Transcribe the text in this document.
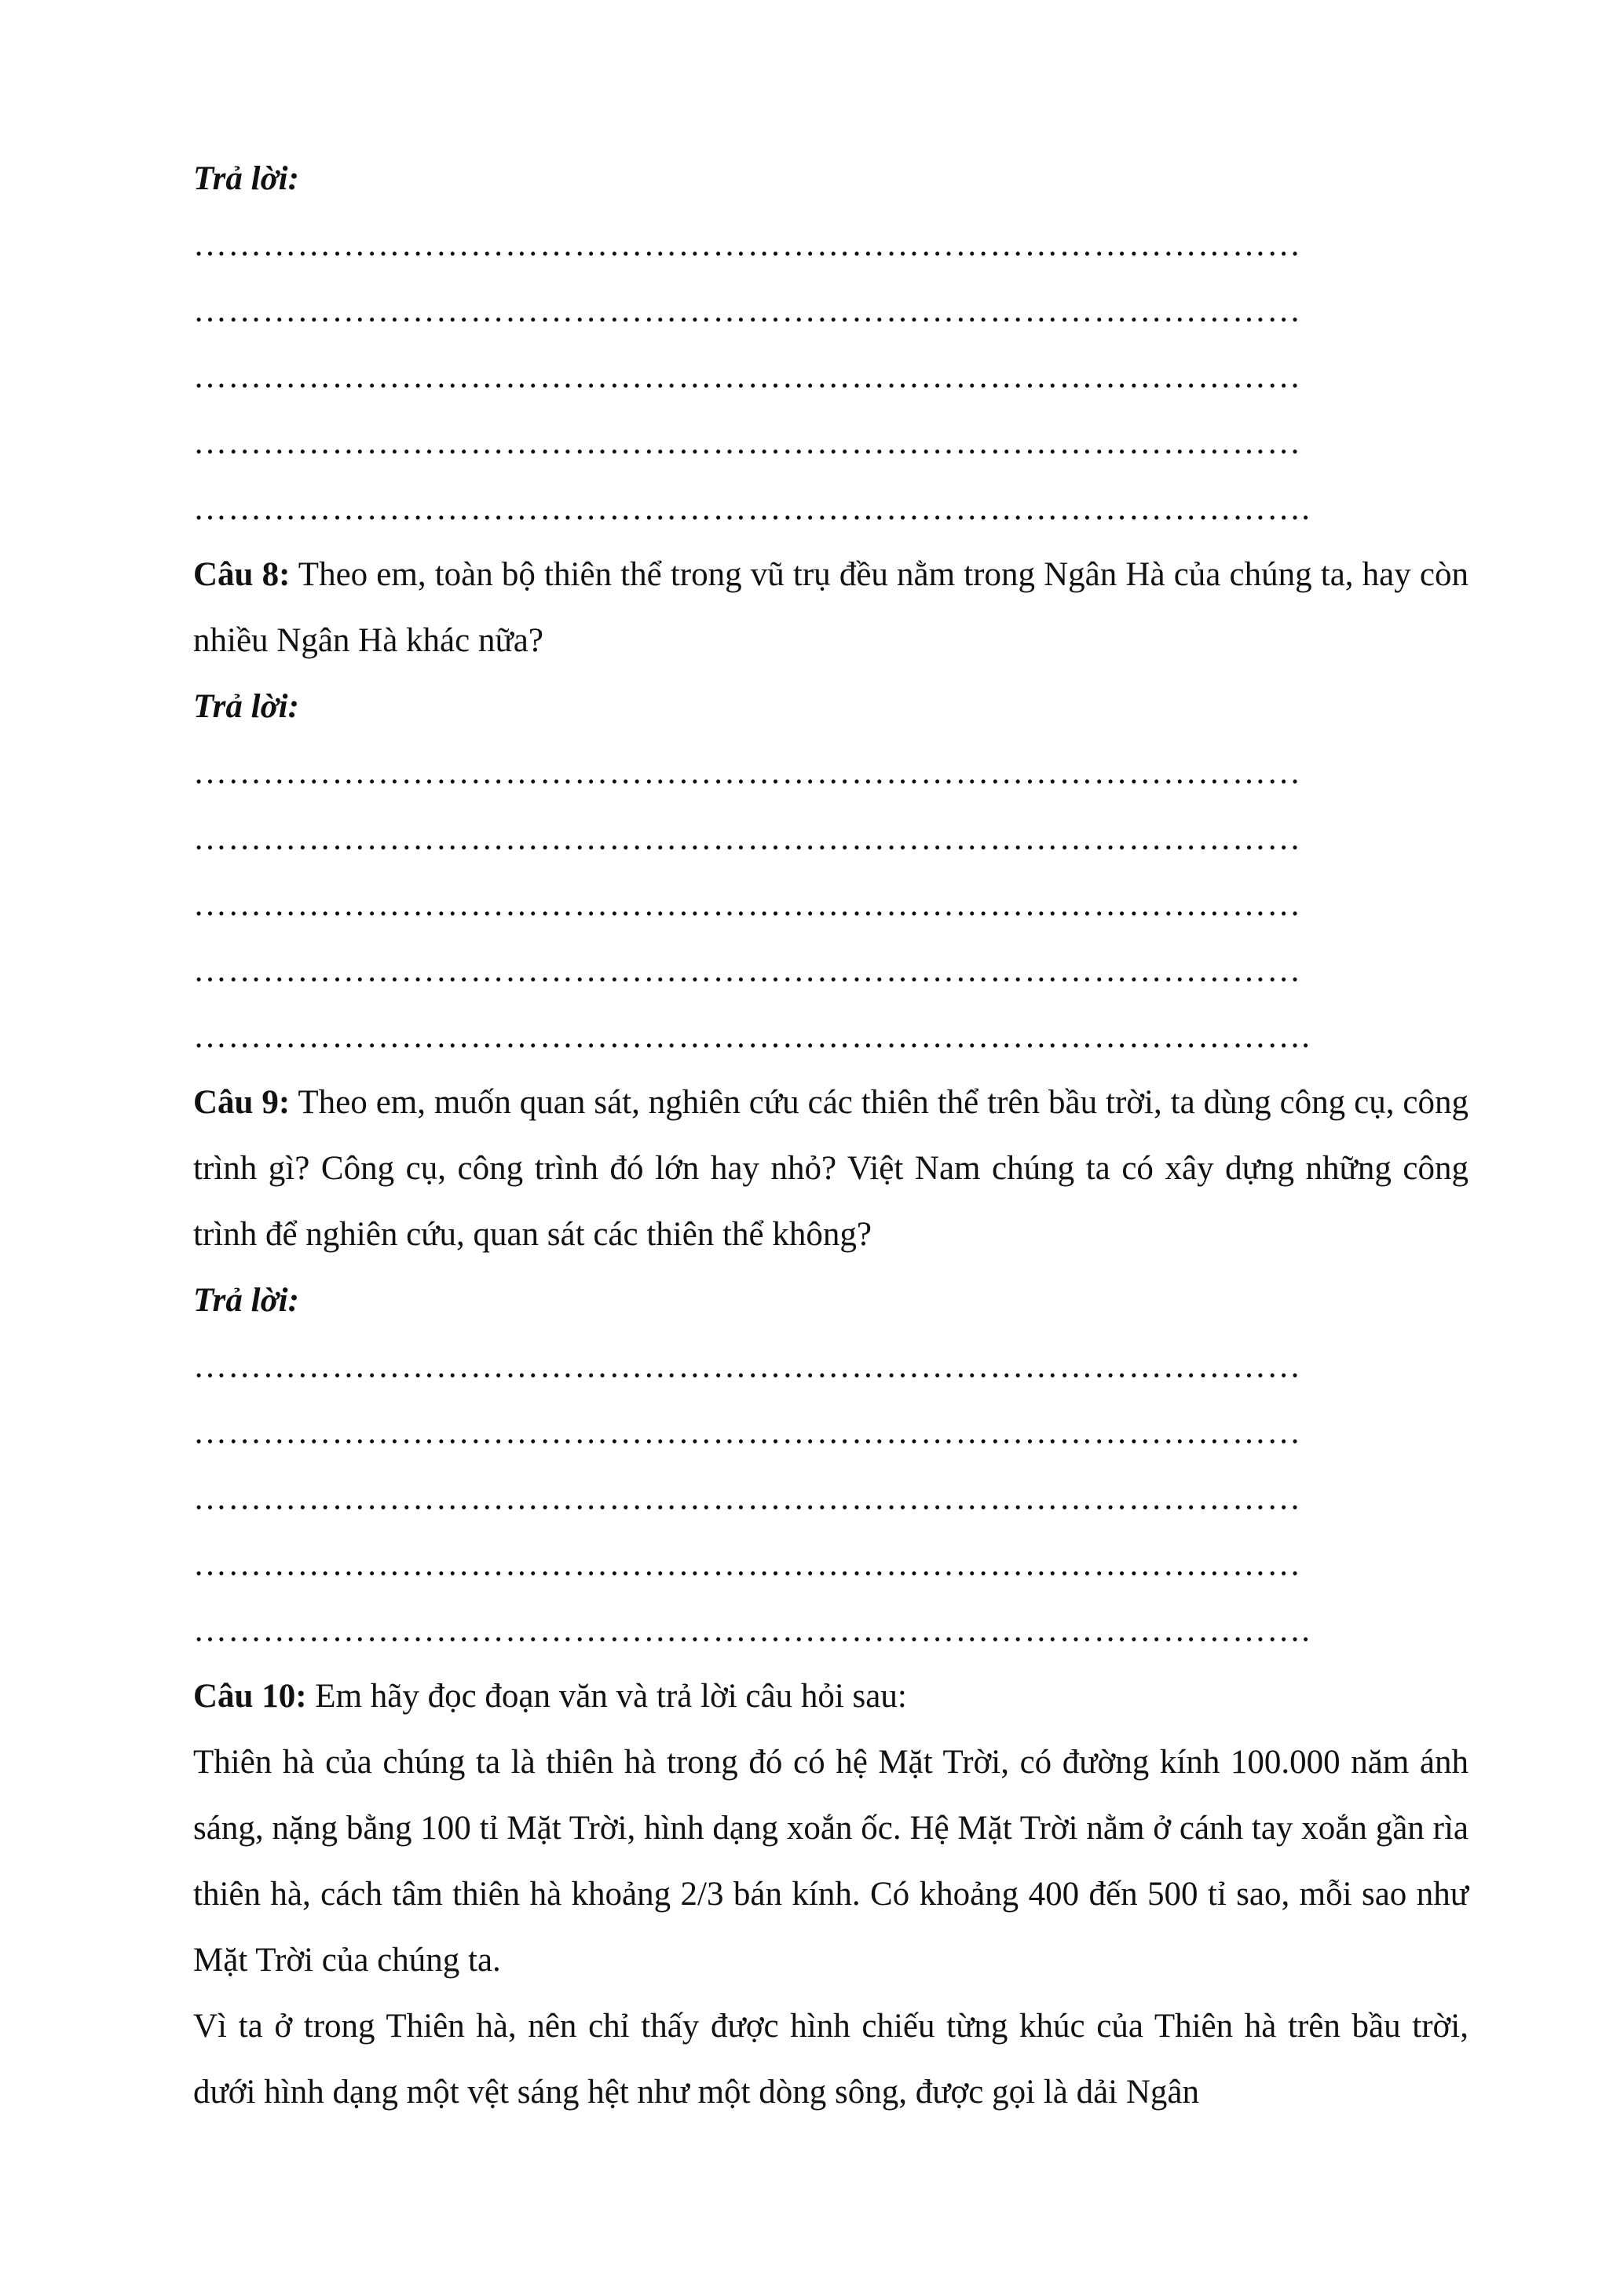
Trả lời:
……………………………………………………………………………………
……………………………………………………………………………………
……………………………………………………………………………………
……………………………………………………………………………………
…………………………………………………………………………………….
Câu 8: Theo em, toàn bộ thiên thể trong vũ trụ đều nằm trong Ngân Hà của chúng ta, hay còn nhiều Ngân Hà khác nữa?
Trả lời:
……………………………………………………………………………………
……………………………………………………………………………………
……………………………………………………………………………………
……………………………………………………………………………………
…………………………………………………………………………………….
Câu 9: Theo em, muốn quan sát, nghiên cứu các thiên thể trên bầu trời, ta dùng công cụ, công trình gì? Công cụ, công trình đó lớn hay nhỏ? Việt Nam chúng ta có xây dựng những công trình để nghiên cứu, quan sát các thiên thể không?
Trả lời:
……………………………………………………………………………………
……………………………………………………………………………………
……………………………………………………………………………………
……………………………………………………………………………………
…………………………………………………………………………………….
Câu 10: Em hãy đọc đoạn văn và trả lời câu hỏi sau:
Thiên hà của chúng ta là thiên hà trong đó có hệ Mặt Trời, có đường kính 100.000 năm ánh sáng, nặng bằng 100 tỉ Mặt Trời, hình dạng xoắn ốc. Hệ Mặt Trời nằm ở cánh tay xoắn gần rìa thiên hà, cách tâm thiên hà khoảng 2/3 bán kính. Có khoảng 400 đến 500 tỉ sao, mỗi sao như Mặt Trời của chúng ta.
Vì ta ở trong Thiên hà, nên chỉ thấy được hình chiếu từng khúc của Thiên hà trên bầu trời, dưới hình dạng một vệt sáng hệt như một dòng sông, được gọi là dải Ngân
